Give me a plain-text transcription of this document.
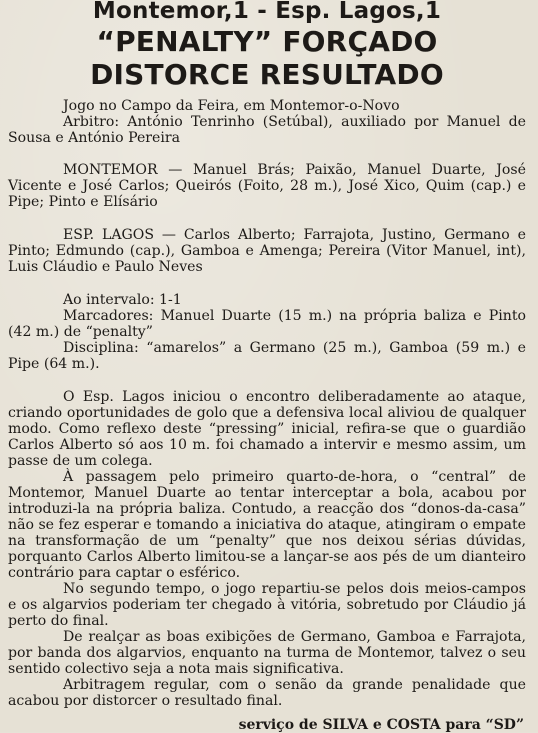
Montemor,1 - Esp. Lagos,1
“PENALTY” FORÇADO
DISTORCE RESULTADO

Jogo no Campo da Feira, em Montemor-o-Novo

Arbitro: António Tenrinho (Setúbal), auxiliado por Manuel de Sousa e António Pereira

MONTEMOR — Manuel Brás; Paixão, Manuel Duarte, José Vicente e José Carlos; Queirós (Foito, 28 m.), José Xico, Quim (cap.) e Pipe; Pinto e Elísário

ESP. LAGOS — Carlos Alberto; Farrajota, Justino, Germano e Pinto; Edmundo (cap.), Gamboa e Amenga; Pereira (Vitor Manuel, int), Luis Cláudio e Paulo Neves

Ao intervalo: 1-1

Marcadores: Manuel Duarte (15 m.) na própria baliza e Pinto (42 m.) de “penalty”

Disciplina: “amarelos” a Germano (25 m.), Gamboa (59 m.) e Pipe (64 m.).

O Esp. Lagos iniciou o encontro deliberadamente ao ataque, criando oportunidades de golo que a defensiva local aliviou de qualquer modo. Como reflexo deste “pressing” inicial, refira-se que o guardião Carlos Alberto só aos 10 m. foi chamado a intervir e mesmo assim, um passe de um colega.

À passagem pelo primeiro quarto-de-hora, o “central” de Montemor, Manuel Duarte ao tentar interceptar a bola, acabou por introduzi-la na própria baliza. Contudo, a reacção dos “donos-da-casa” não se fez esperar e tomando a iniciativa do ataque, atingiram o empate na transformação de um “penalty” que nos deixou sérias dúvidas, porquanto Carlos Alberto limitou-se a lançar-se aos pés de um dianteiro contrário para captar o esférico.

No segundo tempo, o jogo repartiu-se pelos dois meios-campos e os algarvios poderiam ter chegado à vitória, sobretudo por Cláudio já perto do final.

De realçar as boas exibições de Germano, Gamboa e Farrajota, por banda dos algarvios, enquanto na turma de Montemor, talvez o seu sentido colectivo seja a nota mais significativa.

Arbitragem regular, com o senão da grande penalidade que acabou por distorcer o resultado final.

serviço de SILVA e COSTA para “SD”
